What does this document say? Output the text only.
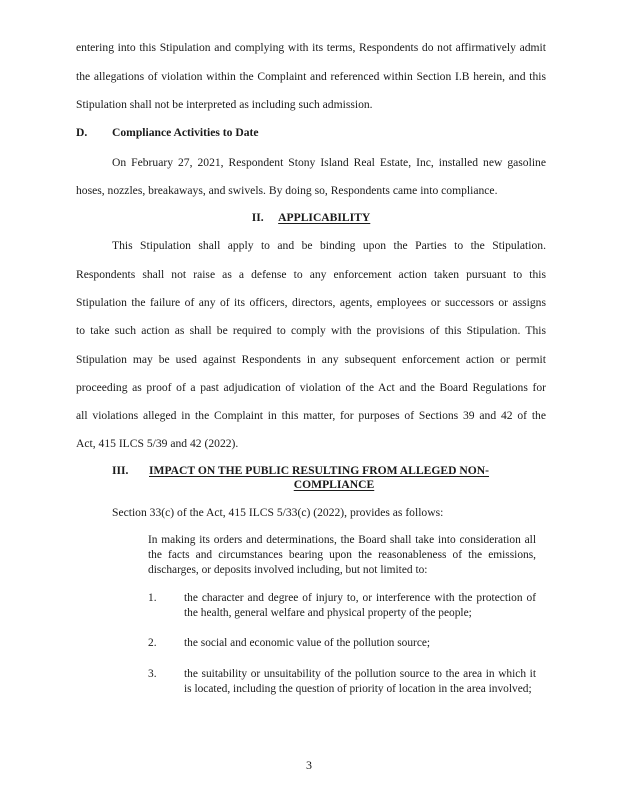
entering into this Stipulation and complying with its terms, Respondents do not affirmatively admit
the allegations of violation within the Complaint and referenced within Section I.B herein, and this
Stipulation shall not be interpreted as including such admission.
D.	Compliance Activities to Date
On February 27, 2021, Respondent Stony Island Real Estate, Inc, installed new gasoline
hoses, nozzles, breakaways, and swivels. By doing so, Respondents came into compliance.
II. APPLICABILITY
This Stipulation shall apply to and be binding upon the Parties to the Stipulation.
Respondents shall not raise as a defense to any enforcement action taken pursuant to this
Stipulation the failure of any of its officers, directors, agents, employees or successors or assigns
to take such action as shall be required to comply with the provisions of this Stipulation. This
Stipulation may be used against Respondents in any subsequent enforcement action or permit
proceeding as proof of a past adjudication of violation of the Act and the Board Regulations for
all violations alleged in the Complaint in this matter, for purposes of Sections 39 and 42 of the
Act, 415 ILCS 5/39 and 42 (2022).
III.	IMPACT ON THE PUBLIC RESULTING FROM ALLEGED NON-
COMPLIANCE
Section 33(c) of the Act, 415 ILCS 5/33(c) (2022), provides as follows:
In making its orders and determinations, the Board shall take into consideration all the facts and circumstances bearing upon the reasonableness of the emissions, discharges, or deposits involved including, but not limited to:
1. the character and degree of injury to, or interference with the protection of the health, general welfare and physical property of the people;
2. the social and economic value of the pollution source;
3. the suitability or unsuitability of the pollution source to the area in which it is located, including the question of priority of location in the area involved;
3
